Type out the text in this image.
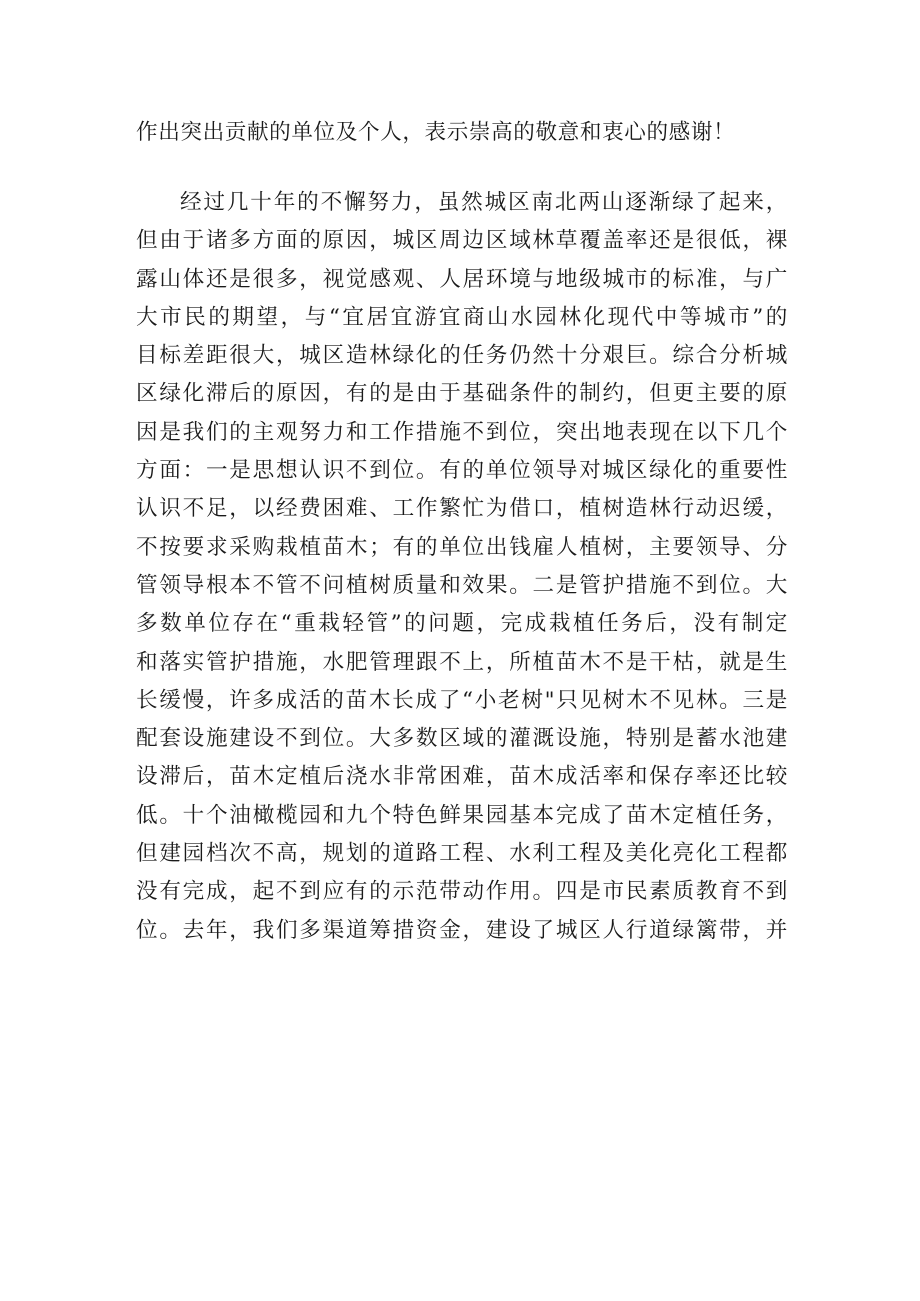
作出突出贡献的单位及个人，表示崇高的敬意和衷心的感谢！
经过几十年的不懈努力，虽然城区南北两山逐渐绿了起来，
但由于诸多方面的原因，城区周边区域林草覆盖率还是很低，裸
露山体还是很多，视觉感观、人居环境与地级城市的标准，与广
大市民的期望，与“宜居宜游宜商山水园林化现代中等城市”的
目标差距很大，城区造林绿化的任务仍然十分艰巨。综合分析城
区绿化滞后的原因，有的是由于基础条件的制约，但更主要的原
因是我们的主观努力和工作措施不到位，突出地表现在以下几个
方面：一是思想认识不到位。有的单位领导对城区绿化的重要性
认识不足，以经费困难、工作繁忙为借口，植树造林行动迟缓，
不按要求采购栽植苗木；有的单位出钱雇人植树，主要领导、分
管领导根本不管不问植树质量和效果。二是管护措施不到位。大
多数单位存在“重栽轻管”的问题，完成栽植任务后，没有制定
和落实管护措施，水肥管理跟不上，所植苗木不是干枯，就是生
长缓慢，许多成活的苗木长成了“小老树"只见树木不见林。三是
配套设施建设不到位。大多数区域的灌溉设施，特别是蓄水池建
设滞后，苗木定植后浇水非常困难，苗木成活率和保存率还比较
低。十个油橄榄园和九个特色鲜果园基本完成了苗木定植任务，
但建园档次不高，规划的道路工程、水利工程及美化亮化工程都
没有完成，起不到应有的示范带动作用。四是市民素质教育不到
位。去年，我们多渠道筹措资金，建设了城区人行道绿篱带，并
